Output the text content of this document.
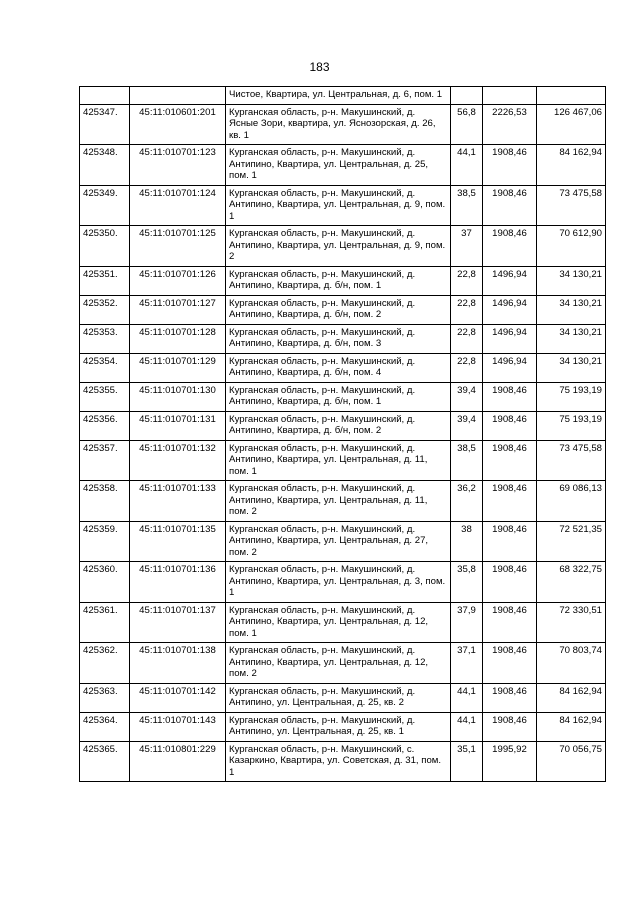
183
		Чистое, Квартира, ул. Центральная, д. 6, пом. 1			
425347.	45:11:010601:201	Курганская область, р-н. Макушинский, д. Ясные Зори, квартира, ул. Яснозорская, д. 26, кв. 1	56,8	2226,53	126 467,06
425348.	45:11:010701:123	Курганская область, р-н. Макушинский, д. Антипино, Квартира, ул. Центральная, д. 25, пом. 1	44,1	1908,46	84 162,94
425349.	45:11:010701:124	Курганская область, р-н. Макушинский, д. Антипино, Квартира, ул. Центральная, д. 9, пом. 1	38,5	1908,46	73 475,58
425350.	45:11:010701:125	Курганская область, р-н. Макушинский, д. Антипино, Квартира, ул. Центральная, д. 9, пом. 2	37	1908,46	70 612,90
425351.	45:11:010701:126	Курганская область, р-н. Макушинский, д. Антипино, Квартира, д. б/н, пом. 1	22,8	1496,94	34 130,21
425352.	45:11:010701:127	Курганская область, р-н. Макушинский, д. Антипино, Квартира, д. б/н, пом. 2	22,8	1496,94	34 130,21
425353.	45:11:010701:128	Курганская область, р-н. Макушинский, д. Антипино, Квартира, д. б/н, пом. 3	22,8	1496,94	34 130,21
425354.	45:11:010701:129	Курганская область, р-н. Макушинский, д. Антипино, Квартира, д. б/н, пом. 4	22,8	1496,94	34 130,21
425355.	45:11:010701:130	Курганская область, р-н. Макушинский, д. Антипино, Квартира, д. б/н, пом. 1	39,4	1908,46	75 193,19
425356.	45:11:010701:131	Курганская область, р-н. Макушинский, д. Антипино, Квартира, д. б/н, пом. 2	39,4	1908,46	75 193,19
425357.	45:11:010701:132	Курганская область, р-н. Макушинский, д. Антипино, Квартира, ул. Центральная, д. 11, пом. 1	38,5	1908,46	73 475,58
425358.	45:11:010701:133	Курганская область, р-н. Макушинский, д. Антипино, Квартира, ул. Центральная, д. 11, пом. 2	36,2	1908,46	69 086,13
425359.	45:11:010701:135	Курганская область, р-н. Макушинский, д. Антипино, Квартира, ул. Центральная, д. 27, пом. 2	38	1908,46	72 521,35
425360.	45:11:010701:136	Курганская область, р-н. Макушинский, д. Антипино, Квартира, ул. Центральная, д. 3, пом. 1	35,8	1908,46	68 322,75
425361.	45:11:010701:137	Курганская область, р-н. Макушинский, д. Антипино, Квартира, ул. Центральная, д. 12, пом. 1	37,9	1908,46	72 330,51
425362.	45:11:010701:138	Курганская область, р-н. Макушинский, д. Антипино, Квартира, ул. Центральная, д. 12, пом. 2	37,1	1908,46	70 803,74
425363.	45:11:010701:142	Курганская область, р-н. Макушинский, д. Антипино, ул. Центральная, д. 25, кв. 2	44,1	1908,46	84 162,94
425364.	45:11:010701:143	Курганская область, р-н. Макушинский, д. Антипино, ул. Центральная, д. 25, кв. 1	44,1	1908,46	84 162,94
425365.	45:11:010801:229	Курганская область, р-н. Макушинский, с. Казаркино, Квартира, ул. Советская, д. 31, пом. 1	35,1	1995,92	70 056,75
